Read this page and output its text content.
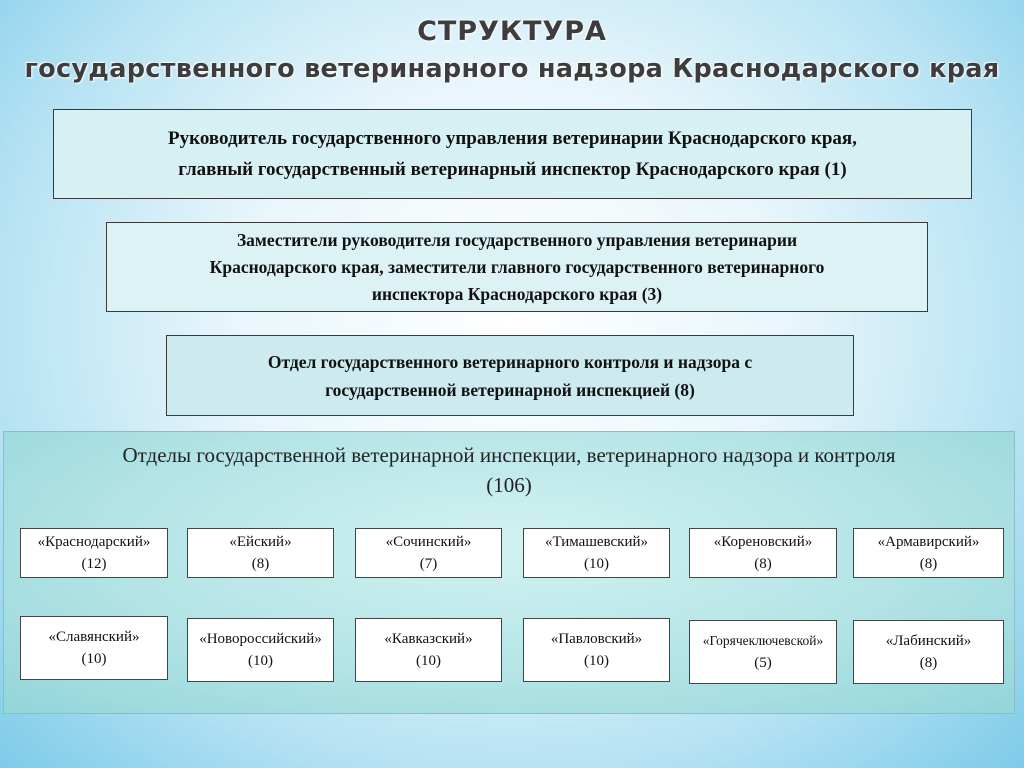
СТРУКТУРА
государственного ветеринарного надзора Краснодарского края
Руководитель государственного управления ветеринарии Краснодарского края,
главный государственный ветеринарный инспектор Краснодарского края (1)
Заместители руководителя государственного управления ветеринарии
Краснодарского края, заместители главного государственного ветеринарного
инспектора Краснодарского края (3)
Отдел государственного ветеринарного контроля и надзора с
государственной ветеринарной инспекцией (8)
Отделы государственной ветеринарной инспекции, ветеринарного надзора и контроля
(106)
«Краснодарский»
(12)
«Ейский»
(8)
«Сочинский»
(7)
«Тимашевский»
(10)
«Кореновский»
(8)
«Армавирский»
(8)
«Славянский»
(10)
«Новороссийский»
(10)
«Кавказский»
(10)
«Павловский»
(10)
«Горячеключевской»
(5)
«Лабинский»
(8)
